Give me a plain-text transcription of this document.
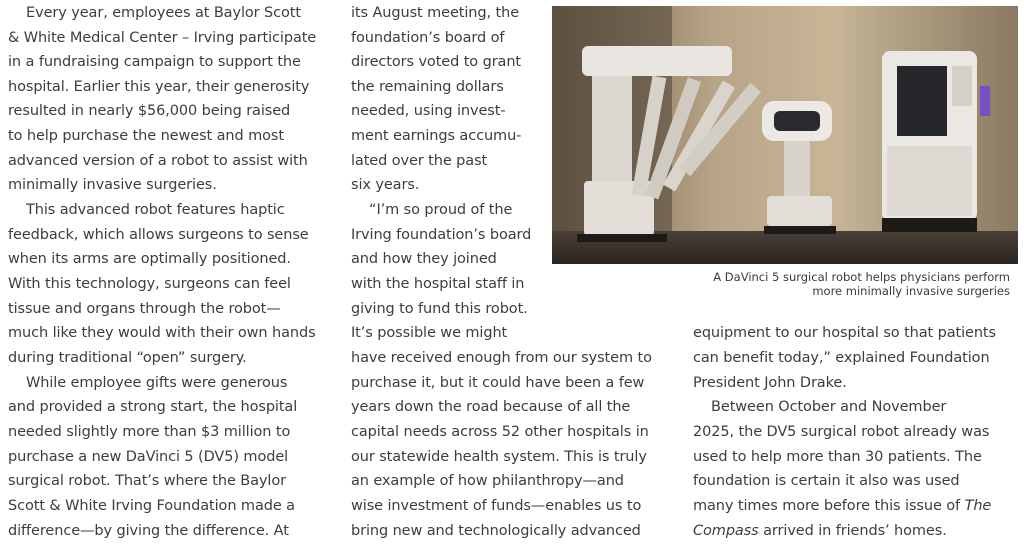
Every year, employees at Baylor Scott
& White Medical Center – Irving participate
in a fundraising campaign to support the
hospital. Earlier this year, their generosity
resulted in nearly $56,000 being raised
to help purchase the newest and most
advanced version of a robot to assist with
minimally invasive surgeries.
This advanced robot features haptic
feedback, which allows surgeons to sense
when its arms are optimally positioned.
With this technology, surgeons can feel
tissue and organs through the robot—
much like they would with their own hands
during traditional “open” surgery.
While employee gifts were generous
and provided a strong start, the hospital
needed slightly more than $3 million to
purchase a new DaVinci 5 (DV5) model
surgical robot. That’s where the Baylor
Scott & White Irving Foundation made a
difference—by giving the difference. At
its August meeting, the
foundation’s board of
directors voted to grant
the remaining dollars
needed, using invest-
ment earnings accumu-
lated over the past
six years.
“I’m so proud of the
Irving foundation’s board
and how they joined
with the hospital staff in
giving to fund this robot.
It’s possible we might
have received enough from our system to
purchase it, but it could have been a few
years down the road because of all the
capital needs across 52 other hospitals in
our statewide health system. This is truly
an example of how philanthropy—and
wise investment of funds—enables us to
bring new and technologically advanced
equipment to our hospital so that patients
can benefit today,” explained Foundation
President John Drake.
Between October and November
2025, the DV5 surgical robot already was
used to help more than 30 patients. The
foundation is certain it also was used
many times more before this issue of The
Compass arrived in friends’ homes.
A DaVinci 5 surgical robot helps physicians perform
more minimally invasive surgeries
